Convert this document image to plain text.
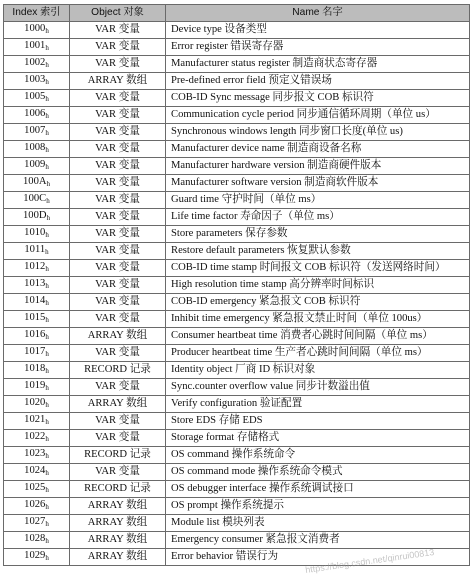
Index 索引	Object 对象	Name 名字
$1000_h$	VAR 变量	Device type 设备类型
$1001_h$	VAR 变量	Error register 错误寄存器
$1002_h$	VAR 变量	Manufacturer status register 制造商状态寄存器
$1003_h$	ARRAY 数组	Pre-defined error field 预定义错误场
$1005_h$	VAR 变量	COB-ID Sync message 同步报文 COB 标识符
$1006_h$	VAR 变量	Communication cycle period 同步通信循环周期（单位 us）
$1007_h$	VAR 变量	Synchronous windows length 同步窗口长度(单位 us)
$1008_h$	VAR 变量	Manufacturer device name 制造商设备名称
$1009_h$	VAR 变量	Manufacturer hardware version 制造商硬件版本
$100A_h$	VAR 变量	Manufacturer software version 制造商软件版本
$100C_h$	VAR 变量	Guard time 守护时间（单位 ms）
$100D_h$	VAR 变量	Life time factor 寿命因子（单位 ms）
$1010_h$	VAR 变量	Store parameters 保存参数
$1011_h$	VAR 变量	Restore default parameters 恢复默认参数
$1012_h$	VAR 变量	COB-ID time stamp 时间报文 COB 标识符（发送网络时间）
$1013_h$	VAR 变量	High resolution time stamp 高分辨率时间标识
$1014_h$	VAR 变量	COB-ID emergency 紧急报文 COB 标识符
$1015_h$	VAR 变量	Inhibit time emergency 紧急报文禁止时间（单位 100us）
$1016_h$	ARRAY 数组	Consumer heartbeat time 消费者心跳时间间隔（单位 ms）
$1017_h$	VAR 变量	Producer heartbeat time 生产者心跳时间间隔（单位 ms）
$1018_h$	RECORD 记录	Identity object 厂商 ID 标识对象
$1019_h$	VAR 变量	Sync.counter overflow value 同步计数溢出值
$1020_h$	ARRAY 数组	Verify configuration 验证配置
$1021_h$	VAR 变量	Store EDS 存储 EDS
$1022_h$	VAR 变量	Storage format 存储格式
$1023_h$	RECORD 记录	OS command 操作系统命令
$1024_h$	VAR 变量	OS command mode 操作系统命令模式
$1025_h$	RECORD 记录	OS debugger interface 操作系统调试接口
$1026_h$	ARRAY 数组	OS prompt 操作系统提示
$1027_h$	ARRAY 数组	Module list 模块列表
$1028_h$	ARRAY 数组	Emergency consumer 紧急报文消费者
$1029_h$	ARRAY 数组	Error behavior 错误行为	https://blog.csdn.net/qinrui00813
